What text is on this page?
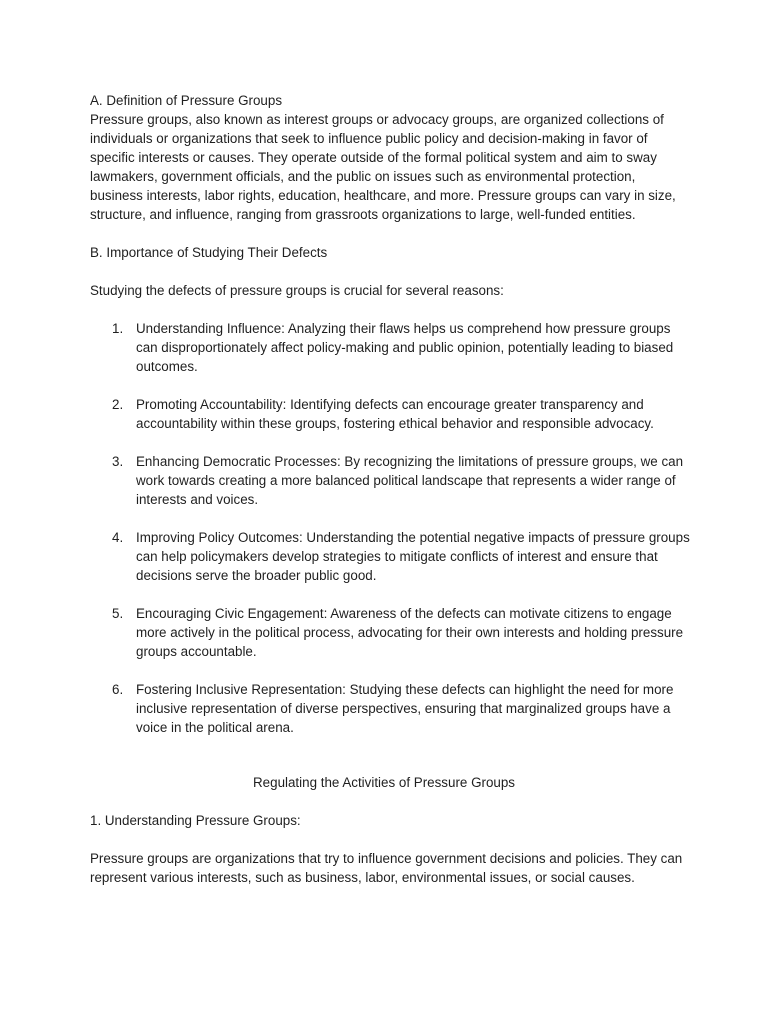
A. Definition of Pressure Groups

Pressure groups, also known as interest groups or advocacy groups, are organized collections of individuals or organizations that seek to influence public policy and decision-making in favor of specific interests or causes. They operate outside of the formal political system and aim to sway lawmakers, government officials, and the public on issues such as environmental protection, business interests, labor rights, education, healthcare, and more. Pressure groups can vary in size, structure, and influence, ranging from grassroots organizations to large, well-funded entities.

B. Importance of Studying Their Defects

Studying the defects of pressure groups is crucial for several reasons:

1. Understanding Influence: Analyzing their flaws helps us comprehend how pressure groups can disproportionately affect policy-making and public opinion, potentially leading to biased outcomes.
2. Promoting Accountability: Identifying defects can encourage greater transparency and accountability within these groups, fostering ethical behavior and responsible advocacy.
3. Enhancing Democratic Processes: By recognizing the limitations of pressure groups, we can work towards creating a more balanced political landscape that represents a wider range of interests and voices.
4. Improving Policy Outcomes: Understanding the potential negative impacts of pressure groups can help policymakers develop strategies to mitigate conflicts of interest and ensure that decisions serve the broader public good.
5. Encouraging Civic Engagement: Awareness of the defects can motivate citizens to engage more actively in the political process, advocating for their own interests and holding pressure groups accountable.
6. Fostering Inclusive Representation: Studying these defects can highlight the need for more inclusive representation of diverse perspectives, ensuring that marginalized groups have a voice in the political arena.

Regulating the Activities of Pressure Groups

1. Understanding Pressure Groups:

Pressure groups are organizations that try to influence government decisions and policies. They can represent various interests, such as business, labor, environmental issues, or social causes.
